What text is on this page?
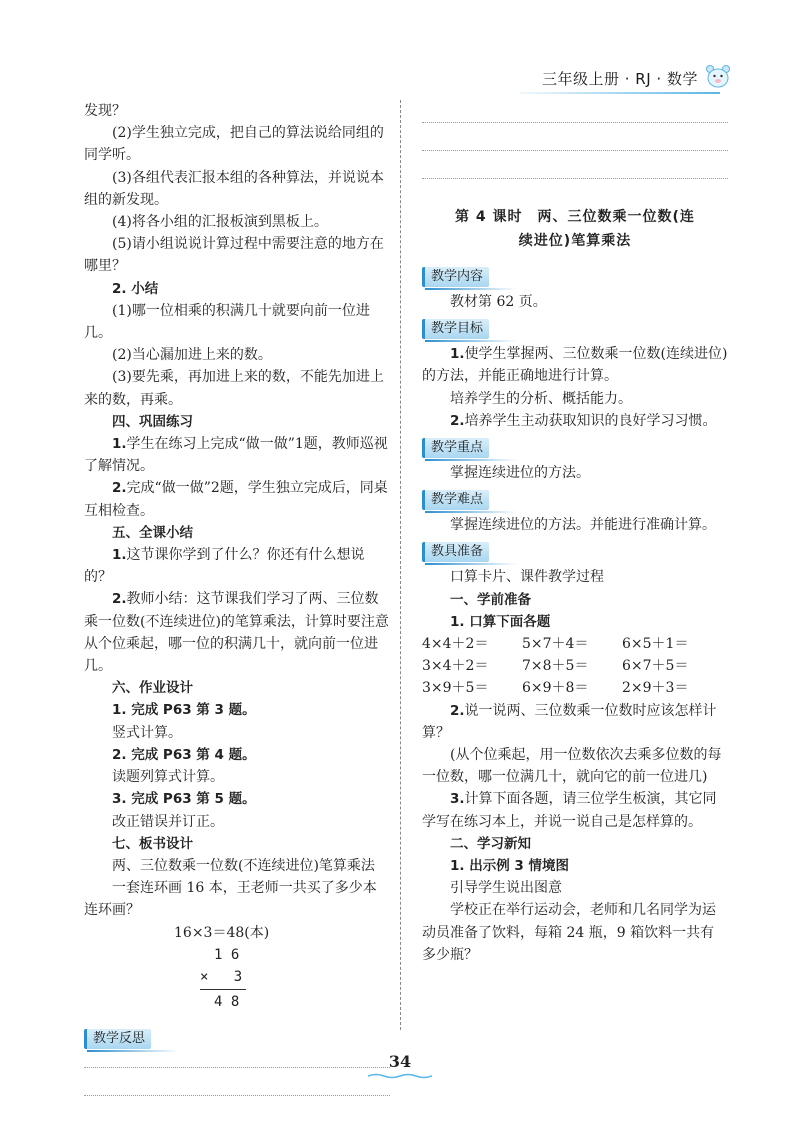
三年级上册 · RJ · 数学

发现？

(2)学生独立完成，把自己的算法说给同组的同学听。

(3)各组代表汇报本组的各种算法，并说说本组的新发现。

(4)将各小组的汇报板演到黑板上。

(5)请小组说说计算过程中需要注意的地方在哪里？

2. 小结

(1)哪一位相乘的积满几十就要向前一位进几。

(2)当心漏加进上来的数。

(3)要先乘，再加进上来的数，不能先加进上来的数，再乘。

四、巩固练习

1.学生在练习上完成“做一做”1题，教师巡视了解情况。

2.完成“做一做”2题，学生独立完成后，同桌互相检查。

五、全课小结

1.这节课你学到了什么？你还有什么想说的？

2.教师小结：这节课我们学习了两、三位数乘一位数(不连续进位)的笔算乘法，计算时要注意从个位乘起，哪一位的积满几十，就向前一位进几。

六、作业设计

1. 完成 P63 第 3 题。

竖式计算。

2. 完成 P63 第 4 题。

读题列算式计算。

3. 完成 P63 第 5 题。

改正错误并订正。

七、板书设计

两、三位数乘一位数(不连续进位)笔算乘法

一套连环画 16 本，王老师一共买了多少本连环画？

16×3＝48(本)

1 6
×   3
4 8
教学反思
第 4 课时　两、三位数乘一位数(连
续进位)笔算乘法
教学内容

教材第 62 页。

教学目标

1.使学生掌握两、三位数乘一位数(连续进位)的方法，并能正确地进行计算。

培养学生的分析、概括能力。

2.培养学生主动获取知识的良好学习习惯。

教学重点

掌握连续进位的方法。

教学难点

掌握连续进位的方法。并能进行准确计算。

教具准备

口算卡片、课件教学过程

一、学前准备

1. 口算下面各题

4×4＋2＝	5×7＋4＝	6×5＋1＝
3×4＋2＝	7×8＋5＝	6×7＋5＝
3×9＋5＝	6×9＋8＝	2×9＋3＝

2.说一说两、三位数乘一位数时应该怎样计算？

(从个位乘起，用一位数依次去乘多位数的每一位数，哪一位满几十，就向它的前一位进几)

3.计算下面各题，请三位学生板演，其它同学写在练习本上，并说一说自己是怎样算的。

二、学习新知

1. 出示例 3 情境图

引导学生说出图意

学校正在举行运动会，老师和几名同学为运动员准备了饮料，每箱 24 瓶，9 箱饮料一共有多少瓶？

34
